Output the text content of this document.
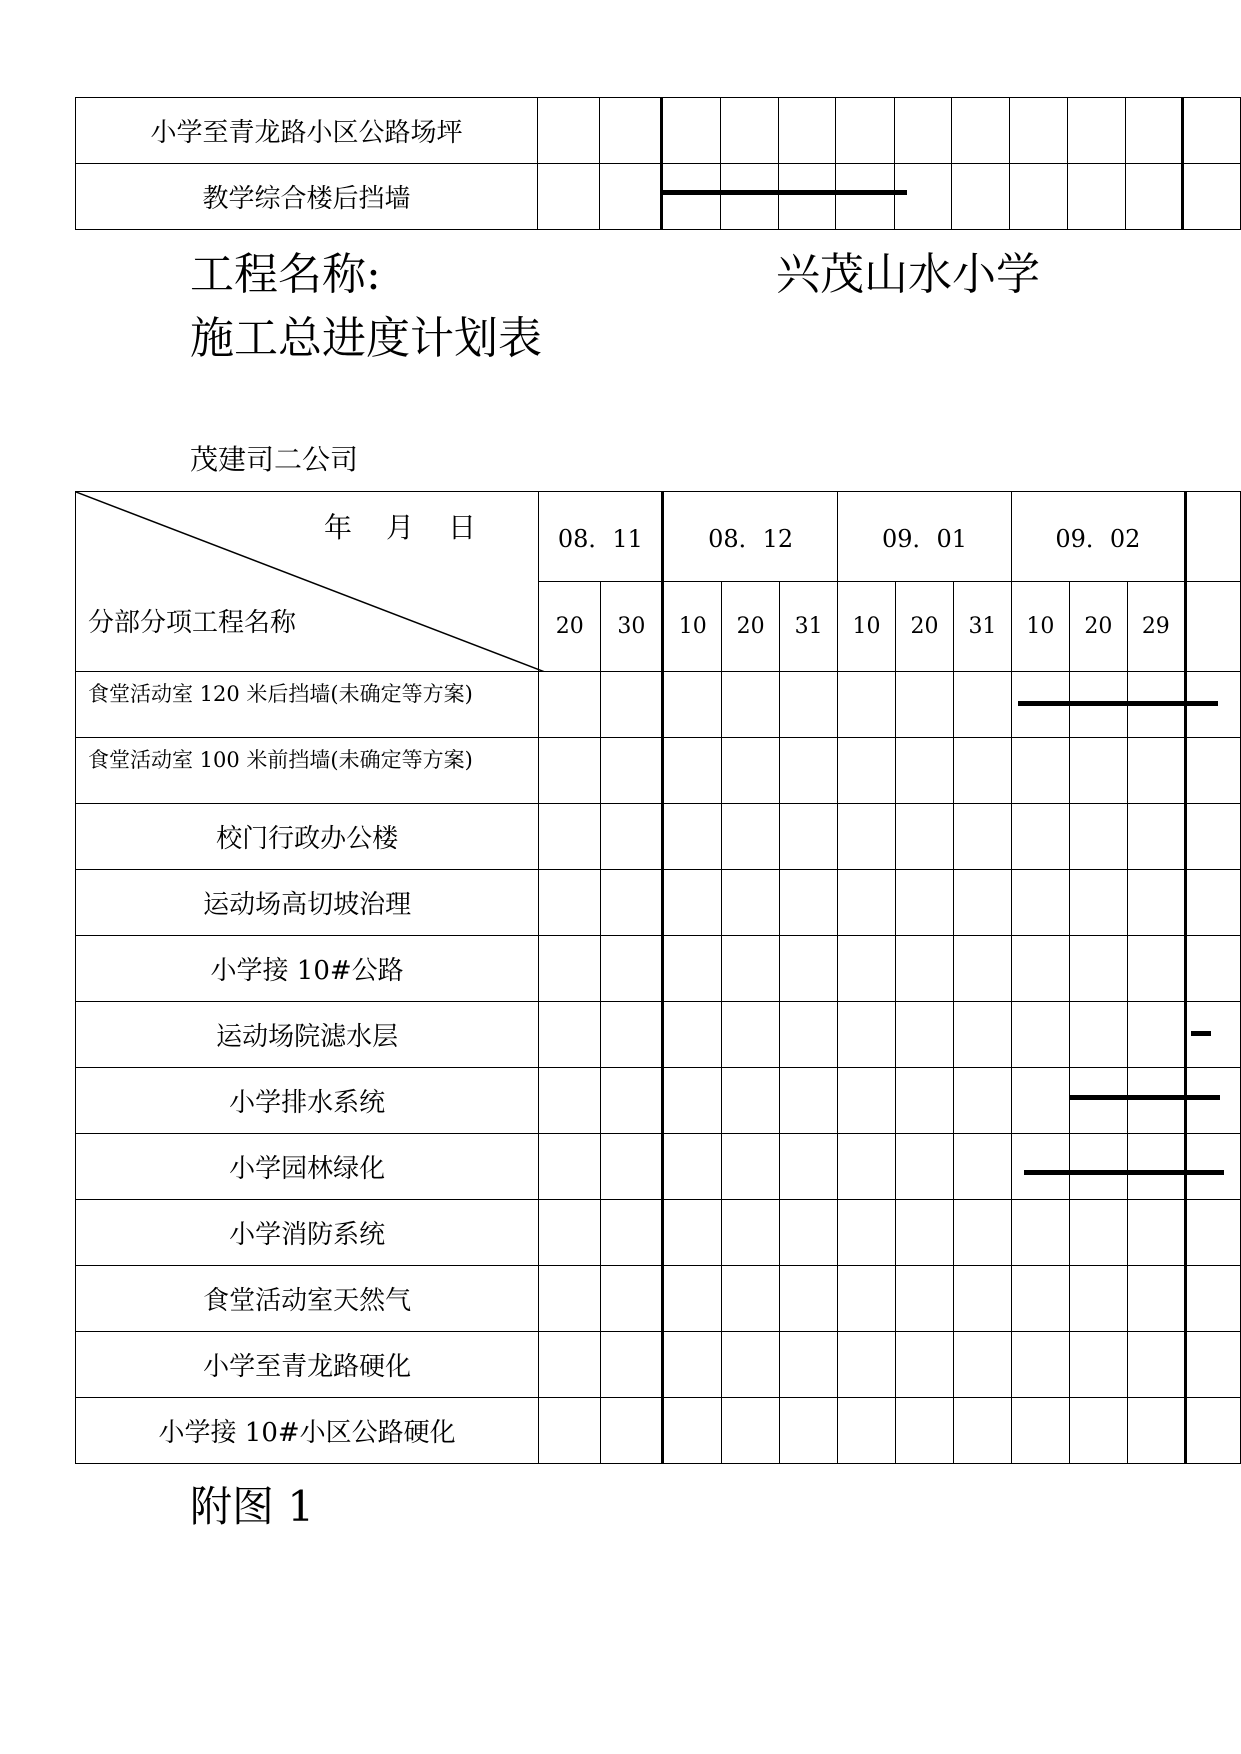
小学至青龙路小区公路场坪												
教学综合楼后挡墙			

工程名称:	兴茂山水小学
施工总进度计划表
茂建司二公司
年 月 日
分部分项工程名称	08．11		08．12			09．01			09．02			
	20	30	10	20	31	10	20	31	10	20	29	
食堂活动室 120 米后挡墙(未确定等方案)									

食堂活动室 100 米前挡墙(未确定等方案)												
校门行政办公楼												
运动场高切坡治理												
小学接 10#公路												
运动场院滤水层												

小学排水系统										

小学园林绿化									

小学消防系统												
食堂活动室天然气												
小学至青龙路硬化												
小学接 10#小区公路硬化												
附图 1
